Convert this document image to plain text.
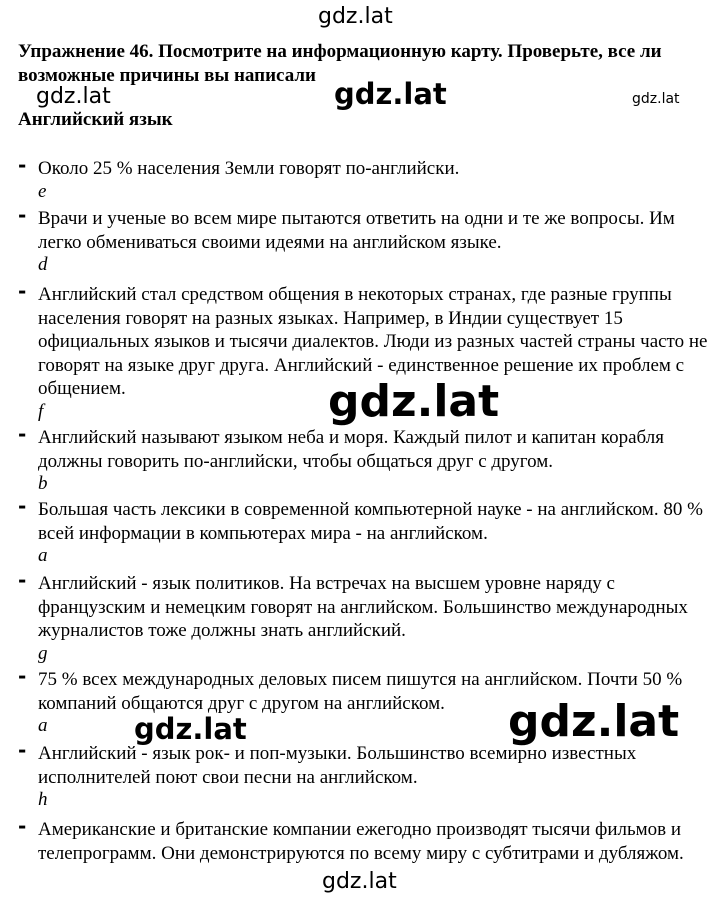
gdz.lat
gdz.lat	gdz.lat	gdz.lat

Упражнение 46. Посмотрите на информационную карту. Проверьте, все ли возможные причины вы написали

Английский язык

- Около 25 % населения Земли говорят по-английски.
e
- Врачи и ученые во всем мире пытаются ответить на одни и те же вопросы. Им легко обмениваться своими идеями на английском языке.
d
- Английский стал средством общения в некоторых странах, где разные группы населения говорят на разных языках. Например, в Индии существует 15 официальных языков и тысячи диалектов. Люди из разных частей страны часто не говорят на языке друг друга. Английский - единственное решение их проблем с общением.
f
- Английский называют языком неба и моря. Каждый пилот и капитан корабля должны говорить по-английски, чтобы общаться друг с другом.
b
- Большая часть лексики в современной компьютерной науке - на английском. 80 % всей информации в компьютерах мира - на английском.
a
- Английский - язык политиков. На встречах на высшем уровне наряду с французским и немецким говорят на английском. Большинство международных журналистов тоже должны знать английский.
g
- 75 % всех международных деловых писем пишутся на английском. Почти 50 % компаний общаются друг с другом на английском.
a
- Английский - язык рок- и поп-музыки. Большинство всемирно известных исполнителей поют свои песни на английском.
h
- Американские и британские компании ежегодно производят тысячи фильмов и телепрограмм. Они демонстрируются по всему миру с субтитрами и дубляжом.
gdz.lat
gdz.lat	gdz.lat
gdz.lat
